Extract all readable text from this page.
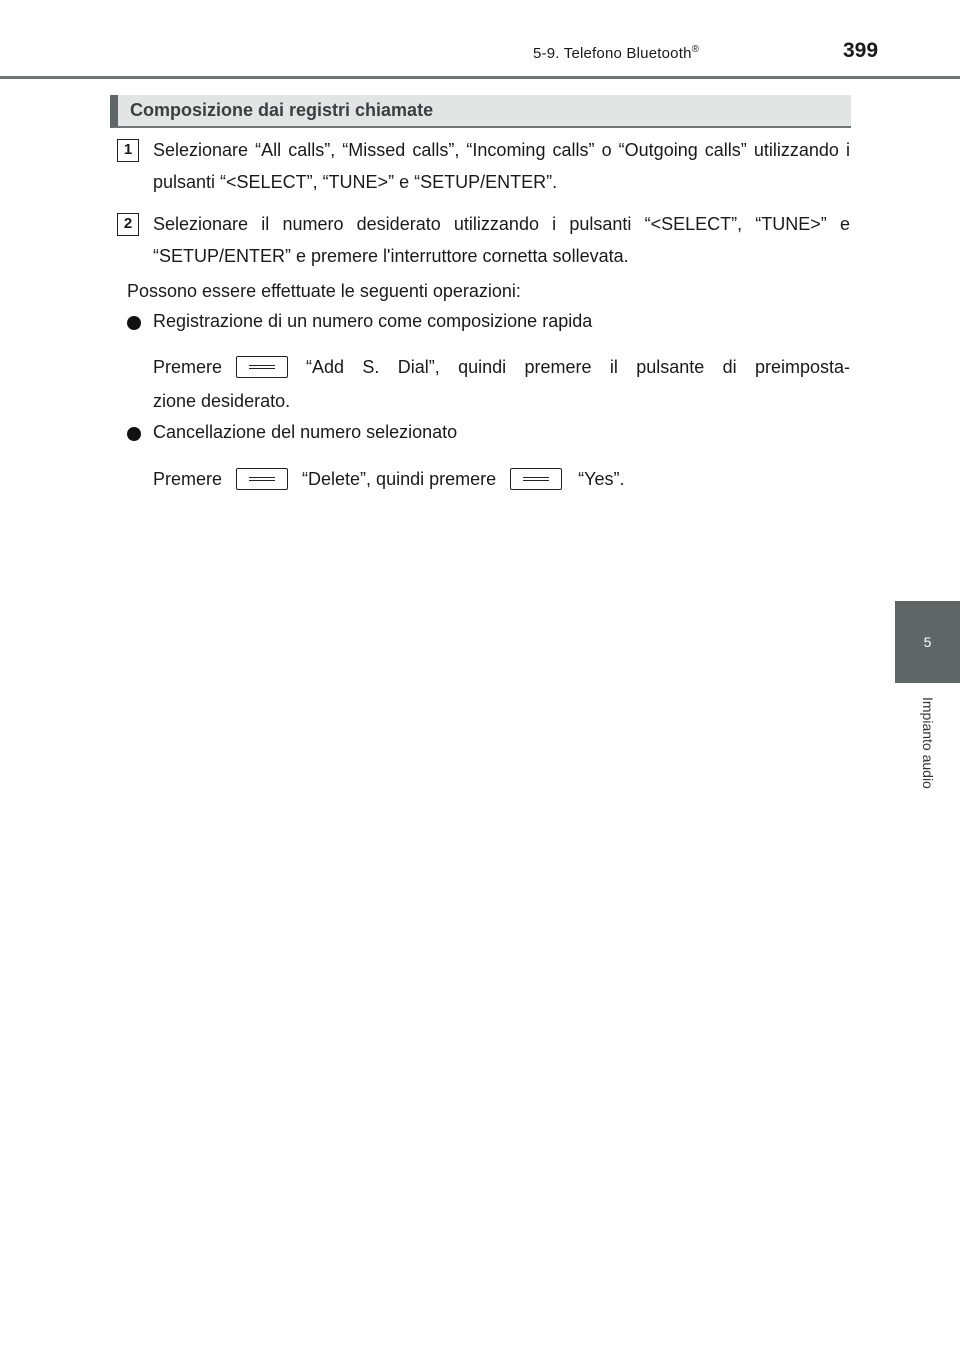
5-9. Telefono Bluetooth®	399
5
Impianto audio
Composizione dai registri chiamate
1	Selezionare “All calls”, “Missed calls”, “Incoming calls” o “Outgoing calls” utilizzando i pulsanti “<SELECT”, “TUNE>” e “SETUP/ENTER”.
2	Selezionare il numero desiderato utilizzando i pulsanti “<SELECT”, “TUNE>” e “SETUP/ENTER” e premere l'interruttore cornetta sollevata.
Possono essere effettuate le seguenti operazioni:
Registrazione di un numero come composizione rapida
Premere	“Add S. Dial”, quindi premere il pulsante di preimposta-
zione desiderato.
Cancellazione del numero selezionato
Premere	“Delete”, quindi premere	“Yes”.
